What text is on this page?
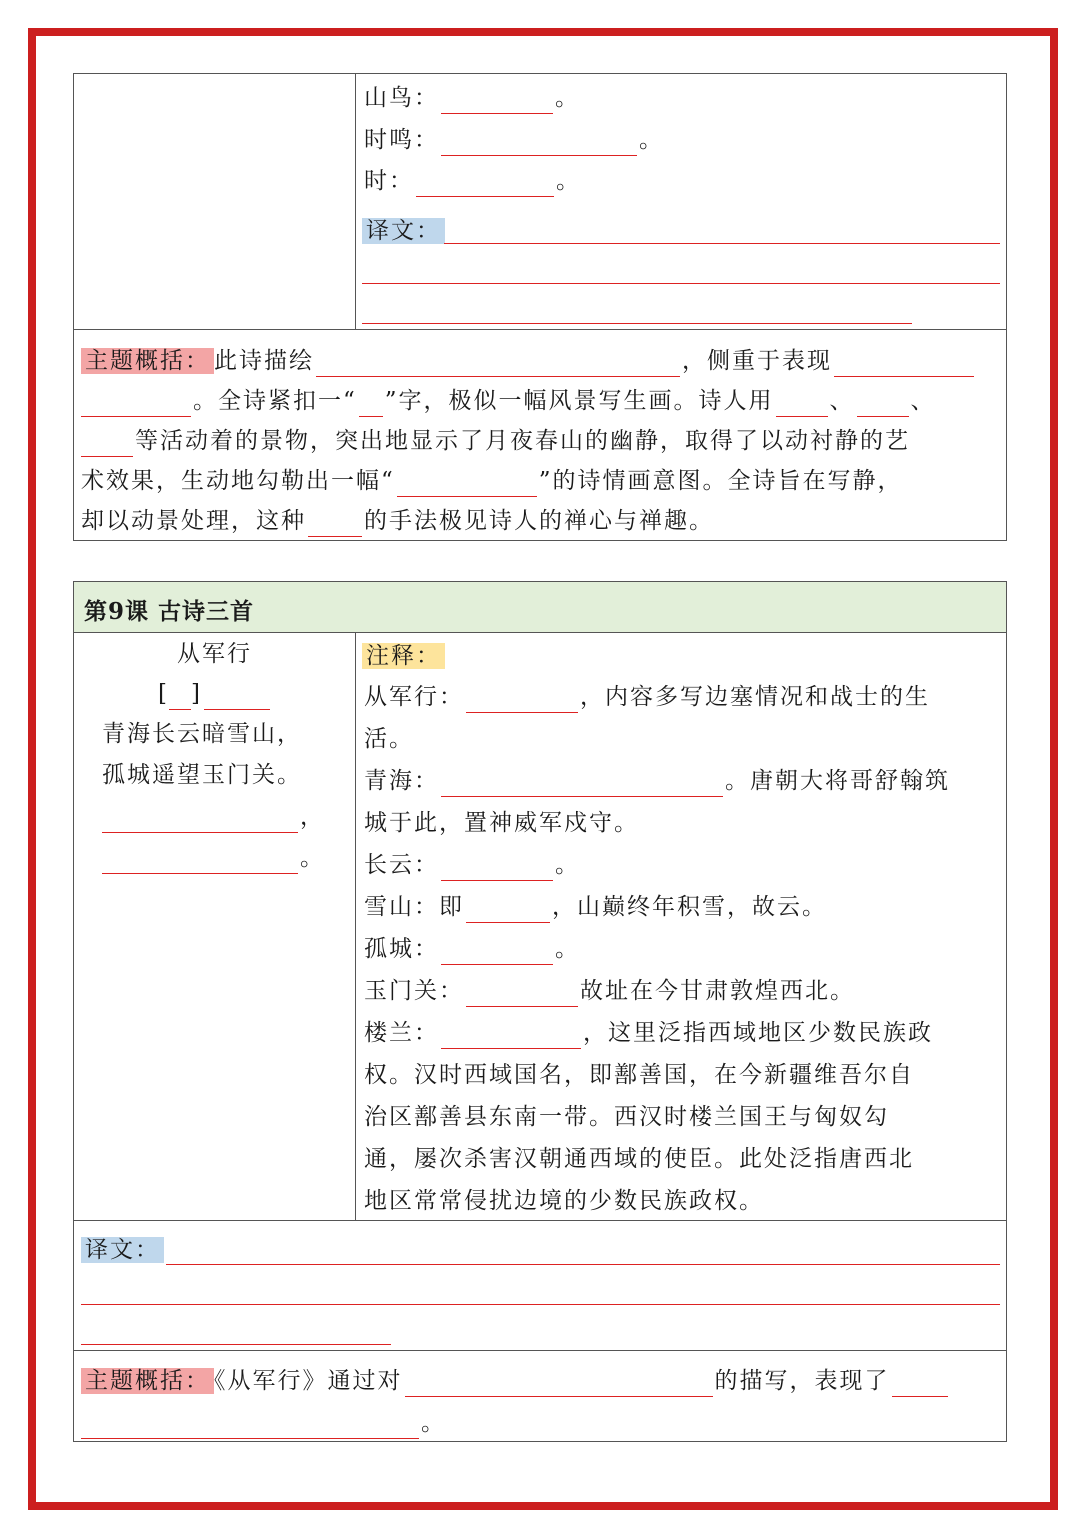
山鸟：	。
时鸣：	。
时：	。
译文：
主题概括： 此诗描绘	，侧重于表现
。全诗紧扣一“ ”字，极似一幅风景写生画。诗人用 、 、
等活动着的景物，突出地显示了月夜春山的幽静，取得了以动衬静的艺
术效果，生动地勾勒出一幅“	”的诗情画意图。全诗旨在写静，
却以动景处理，这种	的手法极见诗人的禅心与禅趣。
第9课 古诗三首
从军行
[ ]
青海长云暗雪山，
孤城遥望玉门关。
，
。
注释：
从军行：	，内容多写边塞情况和战士的生
活。
青海：	。唐朝大将哥舒翰筑
城于此，置神威军戍守。
长云：	。
雪山：即	，山巅终年积雪，故云。
孤城：	。
玉门关：	故址在今甘肃敦煌西北。
楼兰：	，这里泛指西域地区少数民族政
权。汉时西域国名，即鄯善国，在今新疆维吾尔自
治区鄯善县东南一带。西汉时楼兰国王与匈奴勾
通，屡次杀害汉朝通西域的使臣。此处泛指唐西北
地区常常侵扰边境的少数民族政权。
译文：
主题概括： 《从军行》通过对	的描写，表现了
。
